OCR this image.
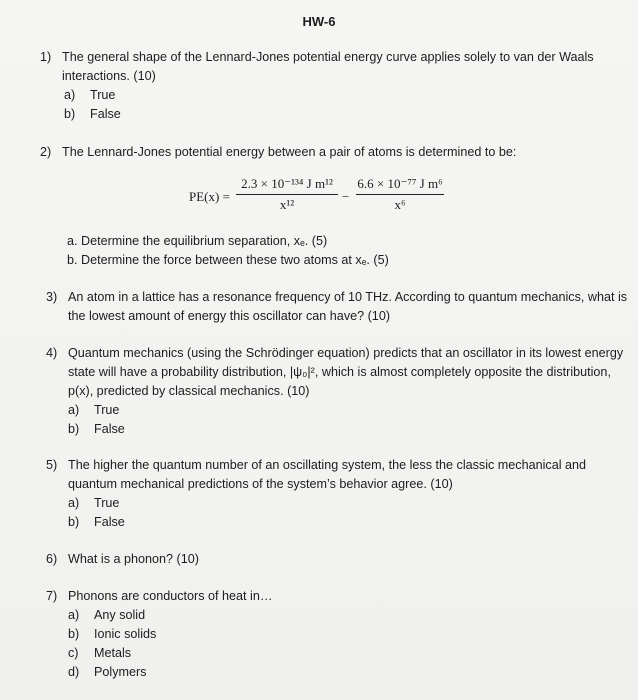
HW-6
1) The general shape of the Lennard-Jones potential energy curve applies solely to van der Waals interactions. (10)
a) True
b) False
2) The Lennard-Jones potential energy between a pair of atoms is determined to be:
PE(x) =
2.3 × 10⁻¹³⁴ J m¹²
x¹²
−
6.6 × 10⁻⁷⁷ J m⁶
x⁶
a. Determine the equilibrium separation, xₑ. (5)
b. Determine the force between these two atoms at xₑ. (5)
3) An atom in a lattice has a resonance frequency of 10 THz. According to quantum mechanics, what is the lowest amount of energy this oscillator can have? (10)
4) Quantum mechanics (using the Schrödinger equation) predicts that an oscillator in its lowest energy state will have a probability distribution, |ψ₀|², which is almost completely opposite the distribution, p(x), predicted by classical mechanics. (10)
a) True
b) False
5) The higher the quantum number of an oscillating system, the less the classic mechanical and quantum mechanical predictions of the system’s behavior agree. (10)
a) True
b) False
6) What is a phonon? (10)
7) Phonons are conductors of heat in…
a) Any solid
b) Ionic solids
c) Metals
d) Polymers
